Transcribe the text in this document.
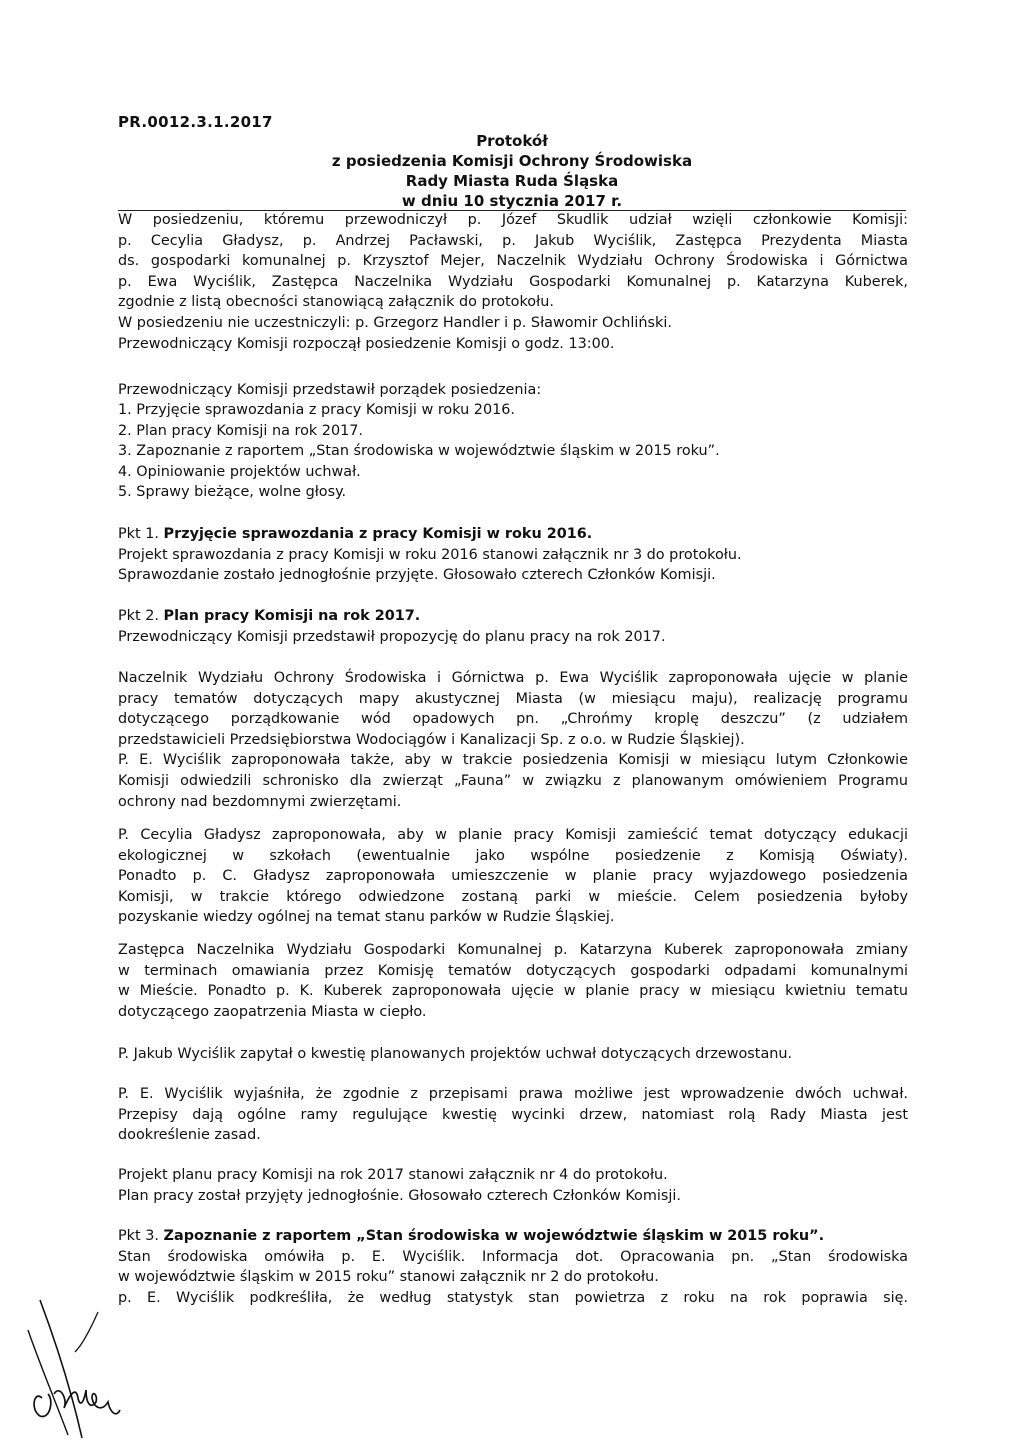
PR.0012.3.1.2017
Protokół
z posiedzenia Komisji Ochrony Środowiska
Rady Miasta Ruda Śląska
w dniu 10 stycznia 2017 r.
W posiedzeniu, któremu przewodniczył p. Józef Skudlik udział wzięli członkowie Komisji:
p. Cecylia Gładysz, p. Andrzej Pacławski, p. Jakub Wyciślik, Zastępca Prezydenta Miasta
ds. gospodarki komunalnej p. Krzysztof Mejer, Naczelnik Wydziału Ochrony Środowiska i Górnictwa
p. Ewa Wyciślik, Zastępca Naczelnika Wydziału Gospodarki Komunalnej p. Katarzyna Kuberek,
zgodnie z listą obecności stanowiącą załącznik do protokołu.
W posiedzeniu nie uczestniczyli: p. Grzegorz Handler i p. Sławomir Ochliński.
Przewodniczący Komisji rozpoczął posiedzenie Komisji o godz. 13:00.
Przewodniczący Komisji przedstawił porządek posiedzenia:
1. Przyjęcie sprawozdania z pracy Komisji w roku 2016.
2. Plan pracy Komisji na rok 2017.
3. Zapoznanie z raportem „Stan środowiska w województwie śląskim w 2015 roku”.
4. Opiniowanie projektów uchwał.
5. Sprawy bieżące, wolne głosy.
Pkt 1. Przyjęcie sprawozdania z pracy Komisji w roku 2016.
Projekt sprawozdania z pracy Komisji w roku 2016 stanowi załącznik nr 3 do protokołu.
Sprawozdanie zostało jednogłośnie przyjęte. Głosowało czterech Członków Komisji.
Pkt 2. Plan pracy Komisji na rok 2017.
Przewodniczący Komisji przedstawił propozycję do planu pracy na rok 2017.
Naczelnik Wydziału Ochrony Środowiska i Górnictwa p. Ewa Wyciślik zaproponowała ujęcie w planie
pracy tematów dotyczących mapy akustycznej Miasta (w miesiącu maju), realizację programu
dotyczącego porządkowanie wód opadowych pn. „Chrońmy kroplę deszczu” (z udziałem
przedstawicieli Przedsiębiorstwa Wodociągów i Kanalizacji Sp. z o.o. w Rudzie Śląskiej).
P. E. Wyciślik zaproponowała także, aby w trakcie posiedzenia Komisji w miesiącu lutym Członkowie
Komisji odwiedzili schronisko dla zwierząt „Fauna” w związku z planowanym omówieniem Programu
ochrony nad bezdomnymi zwierzętami.
P. Cecylia Gładysz zaproponowała, aby w planie pracy Komisji zamieścić temat dotyczący edukacji
ekologicznej w szkołach (ewentualnie jako wspólne posiedzenie z Komisją Oświaty).
Ponadto p. C. Gładysz zaproponowała umieszczenie w planie pracy wyjazdowego posiedzenia
Komisji, w trakcie którego odwiedzone zostaną parki w mieście. Celem posiedzenia byłoby
pozyskanie wiedzy ogólnej na temat stanu parków w Rudzie Śląskiej.
Zastępca Naczelnika Wydziału Gospodarki Komunalnej p. Katarzyna Kuberek zaproponowała zmiany
w terminach omawiania przez Komisję tematów dotyczących gospodarki odpadami komunalnymi
w Mieście. Ponadto p. K. Kuberek zaproponowała ujęcie w planie pracy w miesiącu kwietniu tematu
dotyczącego zaopatrzenia Miasta w ciepło.
P. Jakub Wyciślik zapytał o kwestię planowanych projektów uchwał dotyczących drzewostanu.
P. E. Wyciślik wyjaśniła, że zgodnie z przepisami prawa możliwe jest wprowadzenie dwóch uchwał.
Przepisy dają ogólne ramy regulujące kwestię wycinki drzew, natomiast rolą Rady Miasta jest
dookreślenie zasad.
Projekt planu pracy Komisji na rok 2017 stanowi załącznik nr 4 do protokołu.
Plan pracy został przyjęty jednogłośnie. Głosowało czterech Członków Komisji.
Pkt 3. Zapoznanie z raportem „Stan środowiska w województwie śląskim w 2015 roku”.
Stan środowiska omówiła p. E. Wyciślik. Informacja dot. Opracowania pn. „Stan środowiska
w województwie śląskim w 2015 roku” stanowi załącznik nr 2 do protokołu.
p. E. Wyciślik podkreśliła, że według statystyk stan powietrza z roku na rok poprawia się.
